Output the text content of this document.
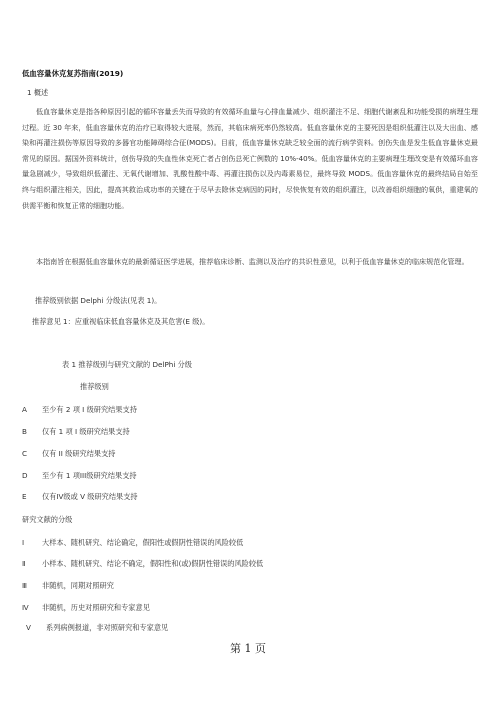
低血容量休克复苏指南(2019)
1 概述
低血容量休克是指各种原因引起的循环容量丢失而导致的有效循环血量与心排血量减少、组织灌注不足、细胞代谢紊乱和功能受损的病理生理过程。近 30 年来，低血容量休克的治疗已取得较大进展，然而，其临床病死率仍然较高。低血容量休克的主要死因是组织低灌注以及大出血、感染和再灌注损伤等原因导致的多器官功能障碍综合征(MODS)。目前，低血容量休克缺乏较全面的流行病学资料。创伤失血是发生低血容量休克最常见的原因。据国外资料统计，创伤导致的失血性休克死亡者占创伤总死亡例数的 10%-40%。低血容量休克的主要病理生理改变是有效循环血容量急剧减少，导致组织低灌注、无氧代谢增加、乳酸性酸中毒、再灌注损伤以及内毒素易位，最终导致 MODS。低血容量休克的最终结局自始至终与组织灌注相关，因此，提高其救治成功率的关键在于尽早去除休克病因的同时，尽快恢复有效的组织灌注，以改善组织细胞的氧供，重建氧的供需平衡和恢复正常的细胞功能。
本指南旨在根据低血容量休克的最新循证医学进展，推荐临床诊断、监测以及治疗的共识性意见，以利于低血容量休克的临床规范化管理。
推荐级别依据 Delphi 分级法(见表 1)。
推荐意见 1：应重视临床低血容量休克及其危害(E 级)。
表 1 推荐级别与研究文献的 DelPhi 分级
推荐级别
A 至少有 2 项 I 级研究结果支持
B 仅有 1 项 I 级研究结果支持
C 仅有 II 级研究结果支持
D 至少有 1 项III级研究结果支持
E 仅有IV级或 V 级研究结果支持
研究文献的分级
I 大样本、随机研究、结论确定，假阳性或假阴性错误的风险较低
Ⅱ 小样本、随机研究、结论不确定，假阳性和(或)假阴性错误的风险较低
Ⅲ 非随机，同期对照研究
Ⅳ 非随机，历史对照研究和专家意见
Ⅴ 系列病例报道，非对照研究和专家意见
第 1 页
